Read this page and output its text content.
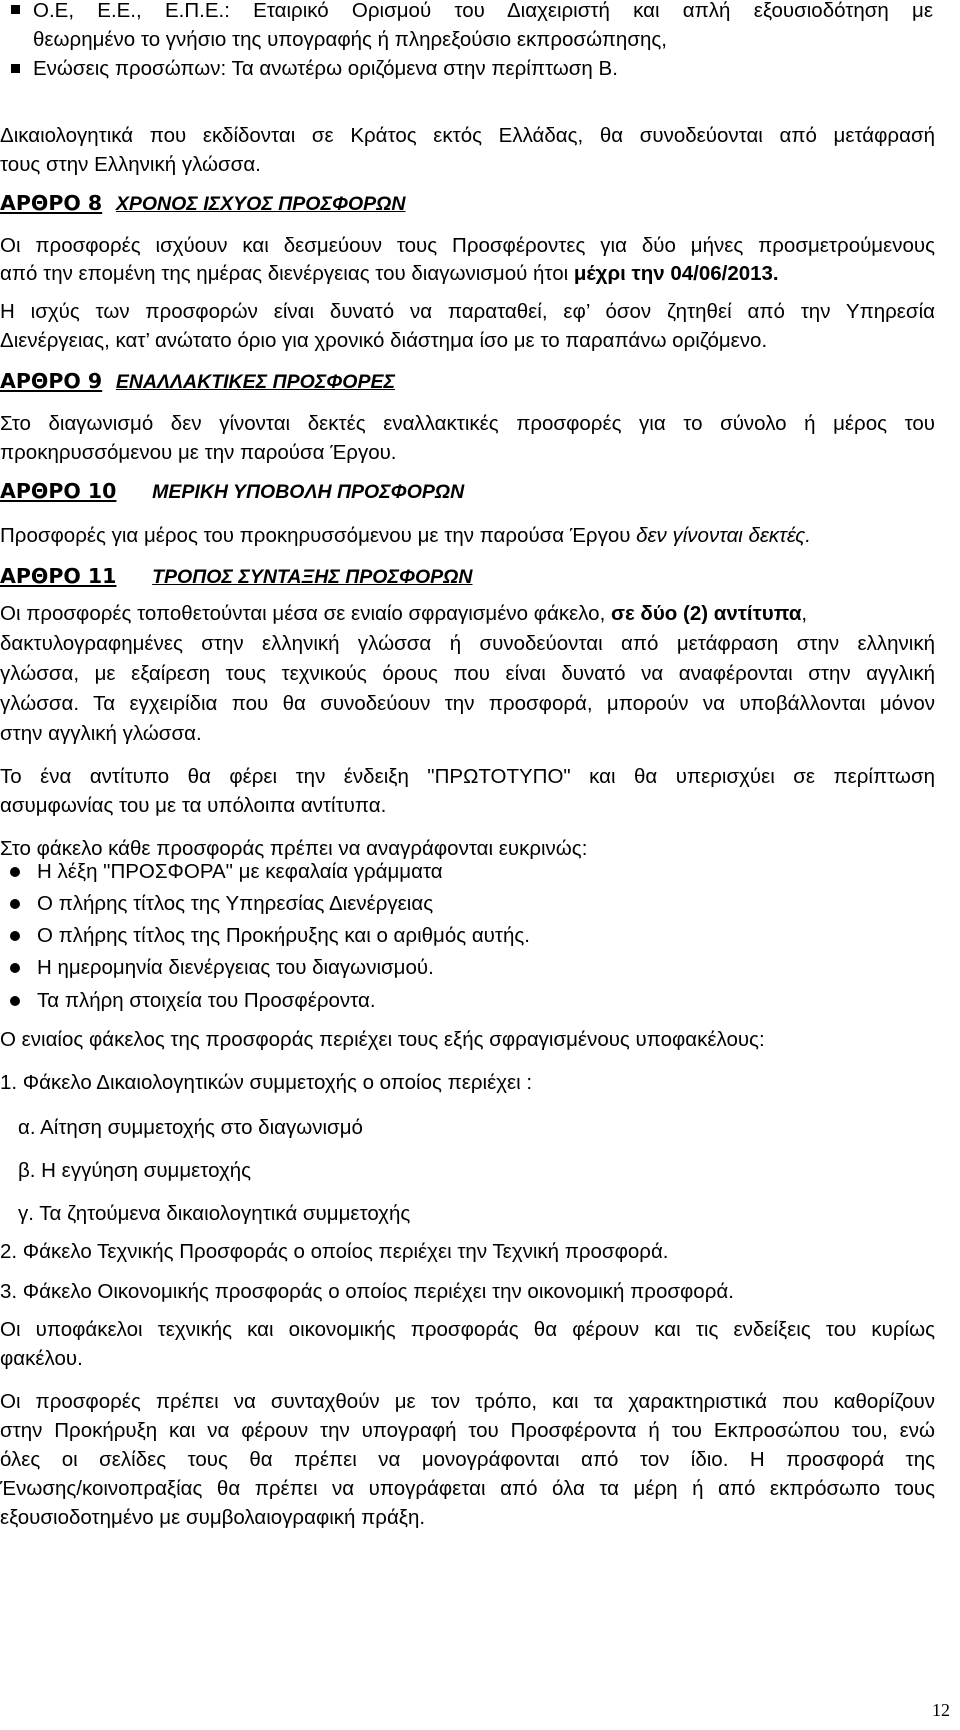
Ο.Ε, Ε.Ε., Ε.Π.Ε.: Εταιρικό Ορισμού του Διαχειριστή και απλή εξουσιοδότηση με
θεωρημένο το γνήσιο της υπογραφής ή πληρεξούσιο εκπροσώπησης,
Ενώσεις προσώπων: Τα ανωτέρω οριζόμενα στην περίπτωση Β.
Δικαιολογητικά που εκδίδονται σε Κράτος εκτός Ελλάδας, θα συνοδεύονται από μετάφρασή
τους στην Ελληνική γλώσσα.
ΑΡΘΡΟ 8 ΧΡΟΝΟΣ ΙΣΧΥΟΣ ΠΡΟΣΦΟΡΩΝ
Οι προσφορές ισχύουν και δεσμεύουν τους Προσφέροντες για δύο μήνες προσμετρούμενους
από την επομένη της ημέρας διενέργειας του διαγωνισμού ήτοι μέχρι την 04/06/2013.
Η ισχύς των προσφορών είναι δυνατό να παραταθεί, εφ’ όσον ζητηθεί από την Υπηρεσία
Διενέργειας, κατ’ ανώτατο όριο για χρονικό διάστημα ίσο με το παραπάνω οριζόμενο.
ΑΡΘΡΟ 9 ΕΝΑΛΛΑΚΤΙΚΕΣ ΠΡΟΣΦΟΡΕΣ
Στο διαγωνισμό δεν γίνονται δεκτές εναλλακτικές προσφορές για το σύνολο ή μέρος του
προκηρυσσόμενου με την παρούσα Έργου.
ΑΡΘΡΟ 10 ΜΕΡΙΚΗ ΥΠΟΒΟΛΗ ΠΡΟΣΦΟΡΩΝ
Προσφορές για μέρος του προκηρυσσόμενου με την παρούσα Έργου δεν γίνονται δεκτές.
ΑΡΘΡΟ 11 ΤΡΟΠΟΣ ΣΥΝΤΑΞΗΣ ΠΡΟΣΦΟΡΩΝ
Οι προσφορές τοποθετούνται μέσα σε ενιαίο σφραγισμένο φάκελο, σε δύο (2) αντίτυπα,
δακτυλογραφημένες στην ελληνική γλώσσα ή συνοδεύονται από μετάφραση στην ελληνική
γλώσσα, με εξαίρεση τους τεχνικούς όρους που είναι δυνατό να αναφέρονται στην αγγλική
γλώσσα. Τα εγχειρίδια που θα συνοδεύουν την προσφορά, μπορούν να υποβάλλονται μόνον
στην αγγλική γλώσσα.
Το ένα αντίτυπο θα φέρει την ένδειξη "ΠΡΩΤΟΤΥΠΟ" και θα υπερισχύει σε περίπτωση
ασυμφωνίας του με τα υπόλοιπα αντίτυπα.
Στο φάκελο κάθε προσφοράς πρέπει να αναγράφονται ευκρινώς:
Η λέξη "ΠΡΟΣΦΟΡΑ" με κεφαλαία γράμματα
Ο πλήρης τίτλος της Υπηρεσίας Διενέργειας
Ο πλήρης τίτλος της Προκήρυξης και ο αριθμός αυτής.
Η ημερομηνία διενέργειας του διαγωνισμού.
Τα πλήρη στοιχεία του Προσφέροντα.
Ο ενιαίος φάκελος της προσφοράς περιέχει τους εξής σφραγισμένους υποφακέλους:
1. Φάκελο Δικαιολογητικών συμμετοχής ο οποίος περιέχει :
α. Αίτηση συμμετοχής στο διαγωνισμό
β. Η εγγύηση συμμετοχής
γ. Τα ζητούμενα δικαιολογητικά συμμετοχής
2. Φάκελο Τεχνικής Προσφοράς ο οποίος περιέχει την Τεχνική προσφορά.
3. Φάκελο Οικονομικής προσφοράς ο οποίος περιέχει την οικονομική προσφορά.
Οι υποφάκελοι τεχνικής και οικονομικής προσφοράς θα φέρουν και τις ενδείξεις του κυρίως
φακέλου.
Οι προσφορές πρέπει να συνταχθούν με τον τρόπο, και τα χαρακτηριστικά που καθορίζουν
στην Προκήρυξη και να φέρουν την υπογραφή του Προσφέροντα ή του Εκπροσώπου του, ενώ
όλες οι σελίδες τους θα πρέπει να μονογράφονται από τον ίδιο. Η προσφορά της
Ένωσης/κοινοπραξίας θα πρέπει να υπογράφεται από όλα τα μέρη ή από εκπρόσωπο τους
εξουσιοδοτημένο με συμβολαιογραφική πράξη.
12
